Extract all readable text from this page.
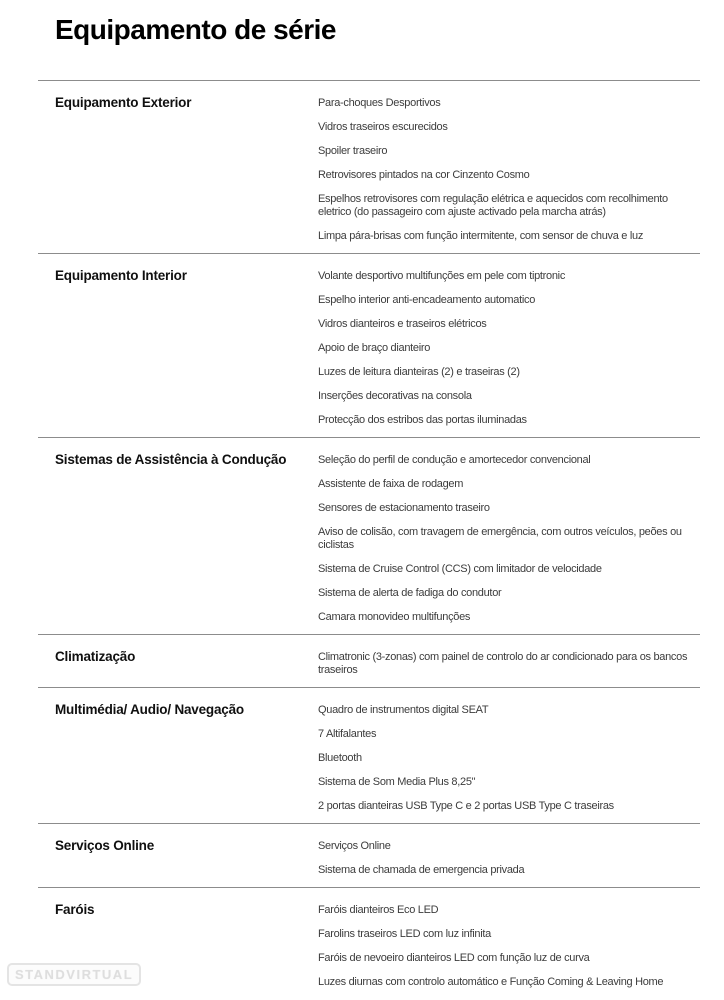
Equipamento de série
Equipamento Exterior	Para-choques Desportivos

Vidros traseiros escurecidos

Spoiler traseiro

Retrovisores pintados na cor Cinzento Cosmo

Espelhos retrovisores com regulação elétrica e aquecidos com recolhimento eletrico (do passageiro com ajuste activado pela marcha atrás)

Limpa pára-brisas com função intermitente, com sensor de chuva e luz

Equipamento Interior	Volante desportivo multifunções em pele com tiptronic

Espelho interior anti-encadeamento automatico

Vidros dianteiros e traseiros elétricos

Apoio de braço dianteiro

Luzes de leitura dianteiras (2) e traseiras (2)

Inserções decorativas na consola

Protecção dos estribos das portas iluminadas

Sistemas de Assistência à Condução	Seleção do perfil de condução e amortecedor convencional

Assistente de faixa de rodagem

Sensores de estacionamento traseiro

Aviso de colisão, com travagem de emergência, com outros veículos, peões ou ciclistas

Sistema de Cruise Control (CCS) com limitador de velocidade

Sistema de alerta de fadiga do condutor

Camara monovideo multifunções

Climatização	Climatronic (3-zonas) com painel de controlo do ar condicionado para os bancos traseiros

Multimédia/ Audio/ Navegação	Quadro de instrumentos digital SEAT

7 Altifalantes

Bluetooth

Sistema de Som Media Plus 8,25"

2 portas dianteiras USB Type C e 2 portas USB Type C traseiras

Serviços Online	Serviços Online

Sistema de chamada de emergencia privada

Faróis	Faróis dianteiros Eco LED

Farolins traseiros LED com luz infinita

Faróis de nevoeiro dianteiros LED com função luz de curva

Luzes diurnas com controlo automático e Função Coming & Leaving Home

STANDVIRTUAL
